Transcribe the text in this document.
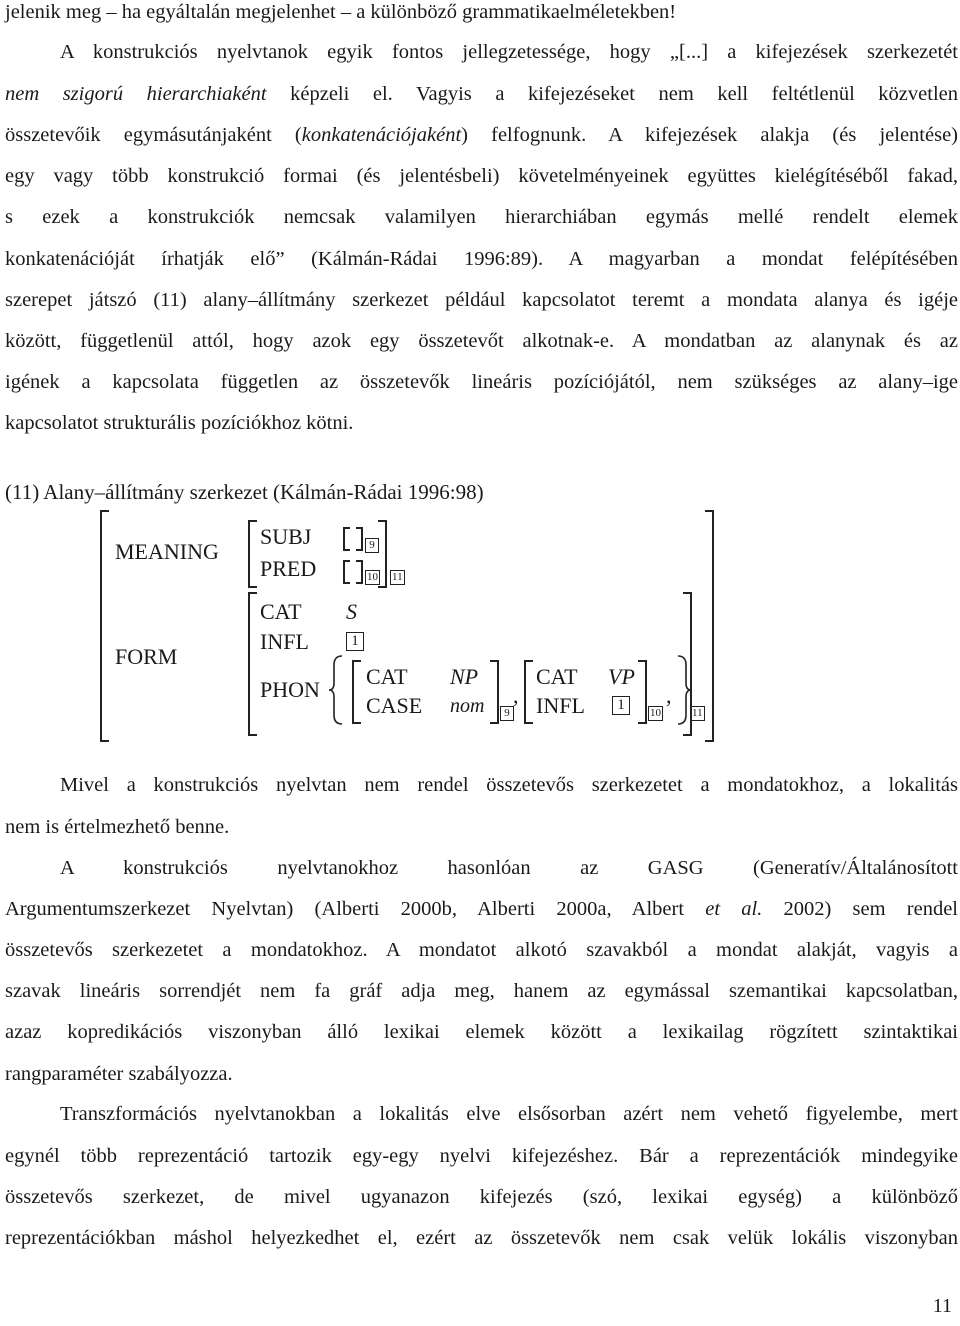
jelenik meg – ha egyáltalán megjelenhet – a különböző grammatikaelméletekben!
A konstrukciós nyelvtanok egyik fontos jellegzetessége, hogy „[...] a kifejezések szerkezetét
nem szigorú hierarchiaként képzeli el. Vagyis a kifejezéseket nem kell feltétlenül közvetlen
összetevőik egymásutánjaként (konkatenációjaként) felfognunk. A kifejezések alakja (és jelentése)
egy vagy több konstrukció formai (és jelentésbeli) követelményeinek együttes kielégítéséből fakad,
s ezek a konstrukciók nemcsak valamilyen hierarchiában egymás mellé rendelt elemek
konkatenációját írhatják elő” (Kálmán-Rádai 1996:89). A magyarban a mondat felépítésében
szerepet játszó (11) alany–állítmány szerkezet például kapcsolatot teremt a mondata alanya és igéje
között, függetlenül attól, hogy azok egy összetevőt alkotnak-e. A mondatban az alanynak és az
igének a kapcsolata független az összetevők lineáris pozíciójától, nem szükséges az alany–ige
kapcsolatot strukturális pozíciókhoz kötni.
(11) Alany–állítmány szerkezet (Kálmán-Rádai 1996:98)
MEANING
FORM
SUBJ
PRED
9
10 11
CAT S
INFL	1
PHON
CAT NP
CASE nom	9
,
CAT VP
INFL	1	10
,
11
Mivel a konstrukciós nyelvtan nem rendel összetevős szerkezetet a mondatokhoz, a lokalitás
nem is értelmezhető benne.
A konstrukciós nyelvtanokhoz hasonlóan az GASG (Generatív/Általánosított
Argumentumszerkezet Nyelvtan) (Alberti 2000b, Alberti 2000a, Albert et al. 2002) sem rendel
összetevős szerkezetet a mondatokhoz. A mondatot alkotó szavakból a mondat alakját, vagyis a
szavak lineáris sorrendjét nem fa gráf adja meg, hanem az egymással szemantikai kapcsolatban,
azaz kopredikációs viszonyban álló lexikai elemek között a lexikailag rögzített szintaktikai
rangparaméter szabályozza.
Transzformációs nyelvtanokban a lokalitás elve elsősorban azért nem vehető figyelembe, mert
egynél több reprezentáció tartozik egy-egy nyelvi kifejezéshez. Bár a reprezentációk mindegyike
összetevős szerkezet, de mivel ugyanazon kifejezés (szó, lexikai egység) a különböző
reprezentációkban máshol helyezkedhet el, ezért az összetevők nem csak velük lokális viszonyban
11
